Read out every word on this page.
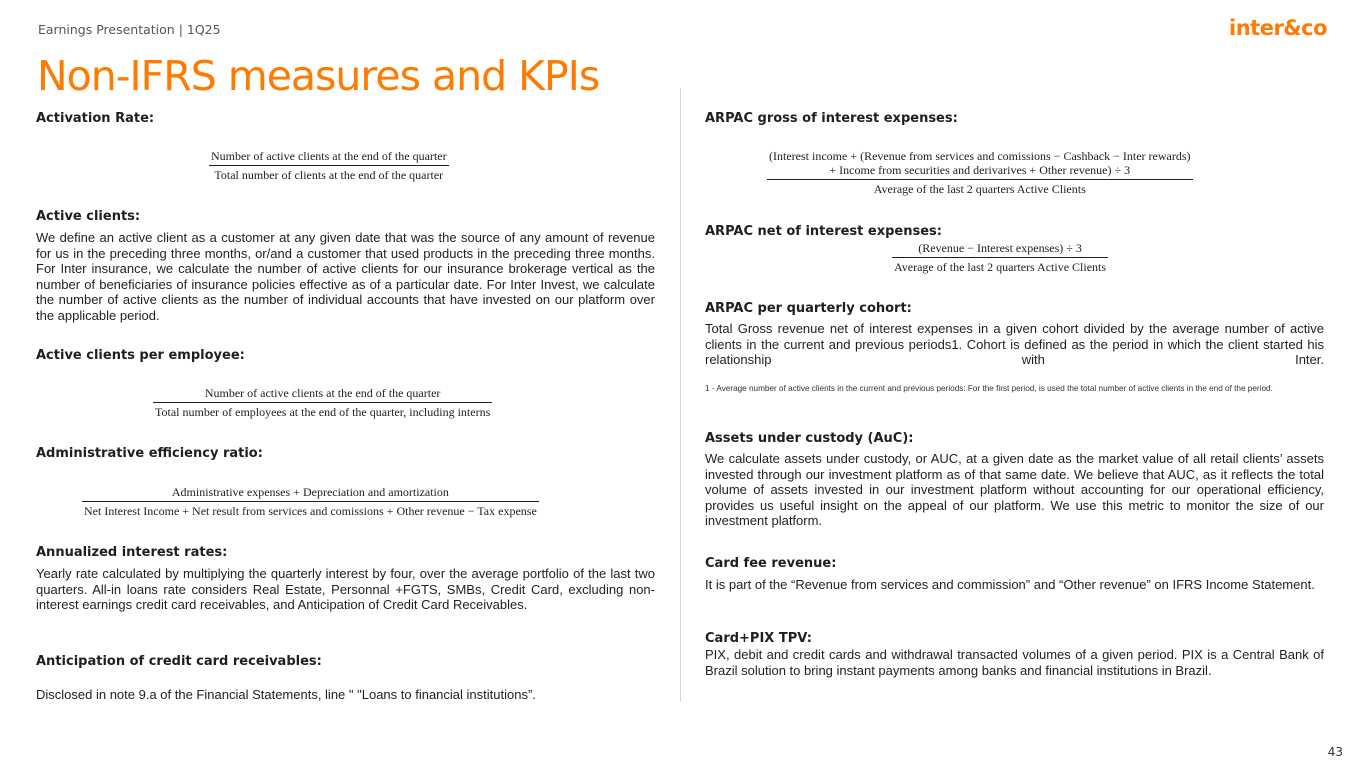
Earnings Presentation | 1Q25	inter&co
Non-IFRS measures and KPIs
Activation Rate:
Number of active clients at the end of the quarter
Total number of clients at the end of the quarter
Active clients:

We define an active client as a customer at any given date that was the source of any amount of revenue for us in the preceding three months, or/and a customer that used products in the preceding three months. For Inter insurance, we calculate the number of active clients for our insurance brokerage vertical as the number of beneficiaries of insurance policies effective as of a particular date. For Inter Invest, we calculate the number of active clients as the number of individual accounts that have invested on our platform over the applicable period.

Active clients per employee:
Number of active clients at the end of the quarter
Total number of employees at the end of the quarter, including interns
Administrative efficiency ratio:
Administrative expenses + Depreciation and amortization
Net Interest Income + Net result from services and comissions + Other revenue − Tax expense
Annualized interest rates:

Yearly rate calculated by multiplying the quarterly interest by four, over the average portfolio of the last two quarters. All-in loans rate considers Real Estate, Personnal +FGTS, SMBs, Credit Card, excluding non-interest earnings credit card receivables, and Anticipation of Credit Card Receivables.

Anticipation of credit card receivables:

Disclosed in note 9.a of the Financial Statements, line " "Loans to financial institutions”.

ARPAC gross of interest expenses:
(Interest income + (Revenue from services and comissions − Cashback − Inter rewards)
+ Income from securities and derivarives + Other revenue) ÷ 3
Average of the last 2 quarters Active Clients
ARPAC net of interest expenses:
(Revenue − Interest expenses) ÷ 3
Average of the last 2 quarters Active Clients
ARPAC per quarterly cohort:

Total Gross revenue net of interest expenses in a given cohort divided by the average number of active clients in the current and previous periods1. Cohort is defined as the period in which the client started his relationship with Inter.

1 - Average number of active clients in the current and previous periods: For the first period, is used the total number of active clients in the end of the period.

Assets under custody (AuC):

We calculate assets under custody, or AUC, at a given date as the market value of all retail clients’ assets invested through our investment platform as of that same date. We believe that AUC, as it reflects the total volume of assets invested in our investment platform without accounting for our operational efficiency, provides us useful insight on the appeal of our platform. We use this metric to monitor the size of our investment platform.

Card fee revenue:

It is part of the “Revenue from services and commission” and “Other revenue” on IFRS Income Statement.

Card+PIX TPV:

PIX, debit and credit cards and withdrawal transacted volumes of a given period. PIX is a Central Bank of Brazil solution to bring instant payments among banks and financial institutions in Brazil.

43
